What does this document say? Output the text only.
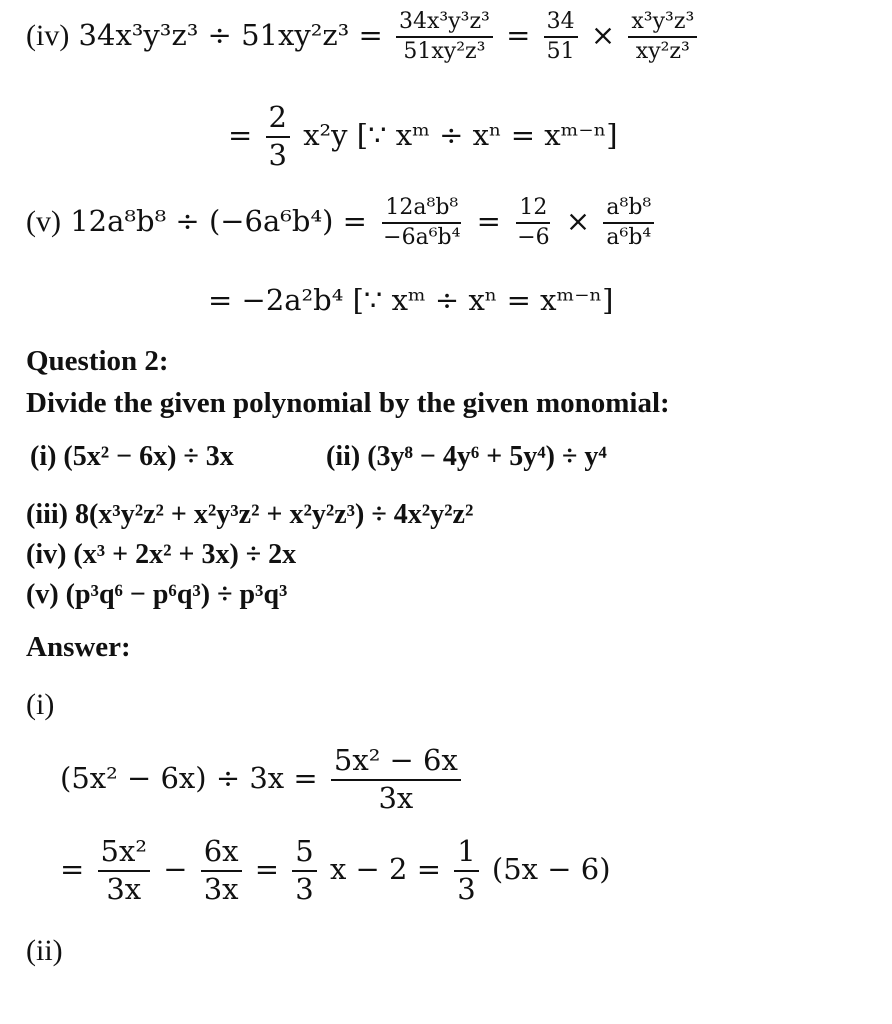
(iv) $34x^3y^3z^3 \div 51xy^2z^3 = \frac{\text{34x³y³z³}}{\text{51xy²z³}} = \frac{34}{51} \times \frac{\text{x³y³z³}}{\text{xy²z³}}$
= $\frac{2}{3} x^2y$ [∵ xᵐ ÷ xⁿ = xᵐ⁻ⁿ]
(v) $12a^8b^8 \div (-6a^6b^4) = \frac{\text{12a⁸b⁸}}{\text{−6a⁶b⁴}} = \frac{12}{-6} \times \frac{\text{a⁸b⁸}}{\text{a⁶b⁴}}$
= −2a²b⁴ [∵ xᵐ ÷ xⁿ = xᵐ⁻ⁿ]
Question 2:
Divide the given polynomial by the given monomial:
(i) (5x² − 6x) ÷ 3x	(ii) (3y⁸ − 4y⁶ + 5y⁴) ÷ y⁴
(iii) 8(x³y²z² + x²y³z² + x²y²z³) ÷ 4x²y²z²
(iv) (x³ + 2x² + 3x) ÷ 2x
(v) (p³q⁶ − p⁶q³) ÷ p³q³
Answer:
(i)
$(5x^2 - 6x) \div 3x = \frac{\text{5x² − 6x}}{3x}$
= $\frac{\text{5x²}}{3x} - \frac{6x}{3x} = \frac{5}{3}$ $x - 2 = \frac{1}{3} (5x - 6)$
(ii)
